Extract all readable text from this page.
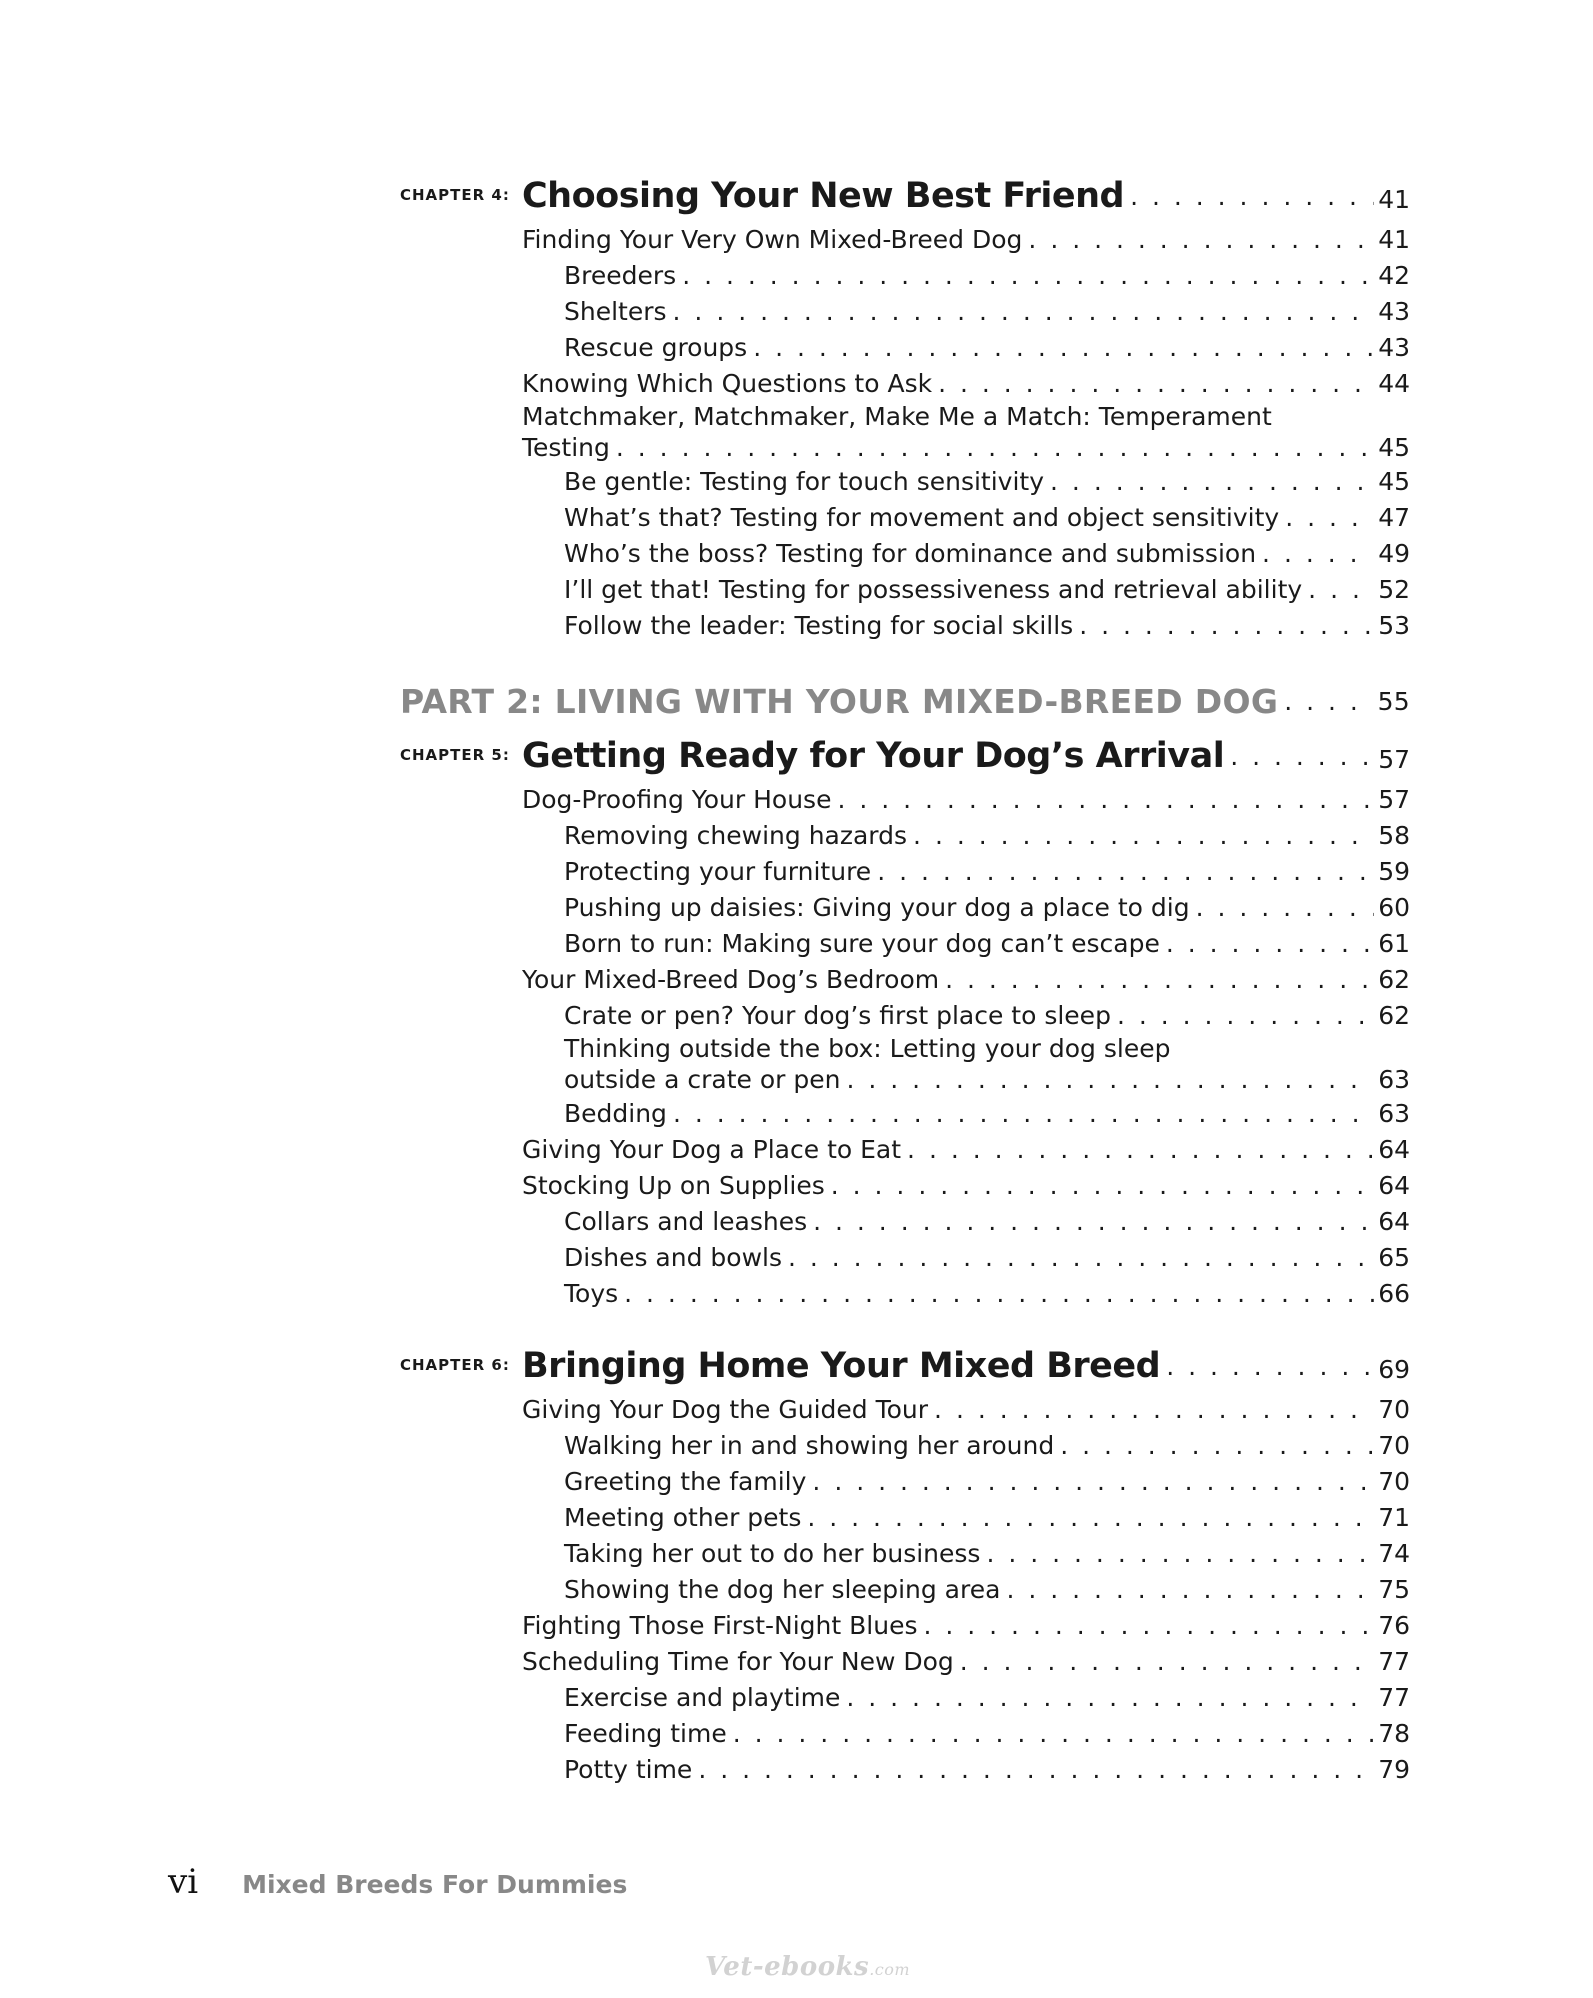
CHAPTER 4: Choosing Your New Best Friend . . .	41
Finding Your Very Own Mixed-Breed Dog . . .	41
Breeders . . .	42
Shelters . . .	43
Rescue groups . . .	43
Knowing Which Questions to Ask . . .	44
Matchmaker, Matchmaker, Make Me a Match: Temperament
Testing . . .	45
Be gentle: Testing for touch sensitivity . . .	45
What’s that? Testing for movement and object sensitivity . . .	47
Who’s the boss? Testing for dominance and submission . . .	49
I’ll get that! Testing for possessiveness and retrieval ability . . .	52
Follow the leader: Testing for social skills . . .	53
PART 2: LIVING WITH YOUR MIXED-BREED DOG . . .	55
CHAPTER 5: Getting Ready for Your Dog’s Arrival . . .	57
Dog-Proofing Your House . . .	57
Removing chewing hazards . . .	58
Protecting your furniture . . .	59
Pushing up daisies: Giving your dog a place to dig . . .	60
Born to run: Making sure your dog can’t escape . . .	61
Your Mixed-Breed Dog’s Bedroom . . .	62
Crate or pen? Your dog’s first place to sleep . . .	62
Thinking outside the box: Letting your dog sleep
outside a crate or pen . . .	63
Bedding . . .	63
Giving Your Dog a Place to Eat . . .	64
Stocking Up on Supplies . . .	64
Collars and leashes . . .	64
Dishes and bowls . . .	65
Toys . . .	66
CHAPTER 6: Bringing Home Your Mixed Breed . . .	69
Giving Your Dog the Guided Tour . . .	70
Walking her in and showing her around . . .	70
Greeting the family . . .	70
Meeting other pets . . .	71
Taking her out to do her business . . .	74
Showing the dog her sleeping area . . .	75
Fighting Those First-Night Blues . . .	76
Scheduling Time for Your New Dog . . .	77
Exercise and playtime . . .	77
Feeding time . . .	78
Potty time . . .	79
vi Mixed Breeds For Dummies
Vet-ebooks.com
